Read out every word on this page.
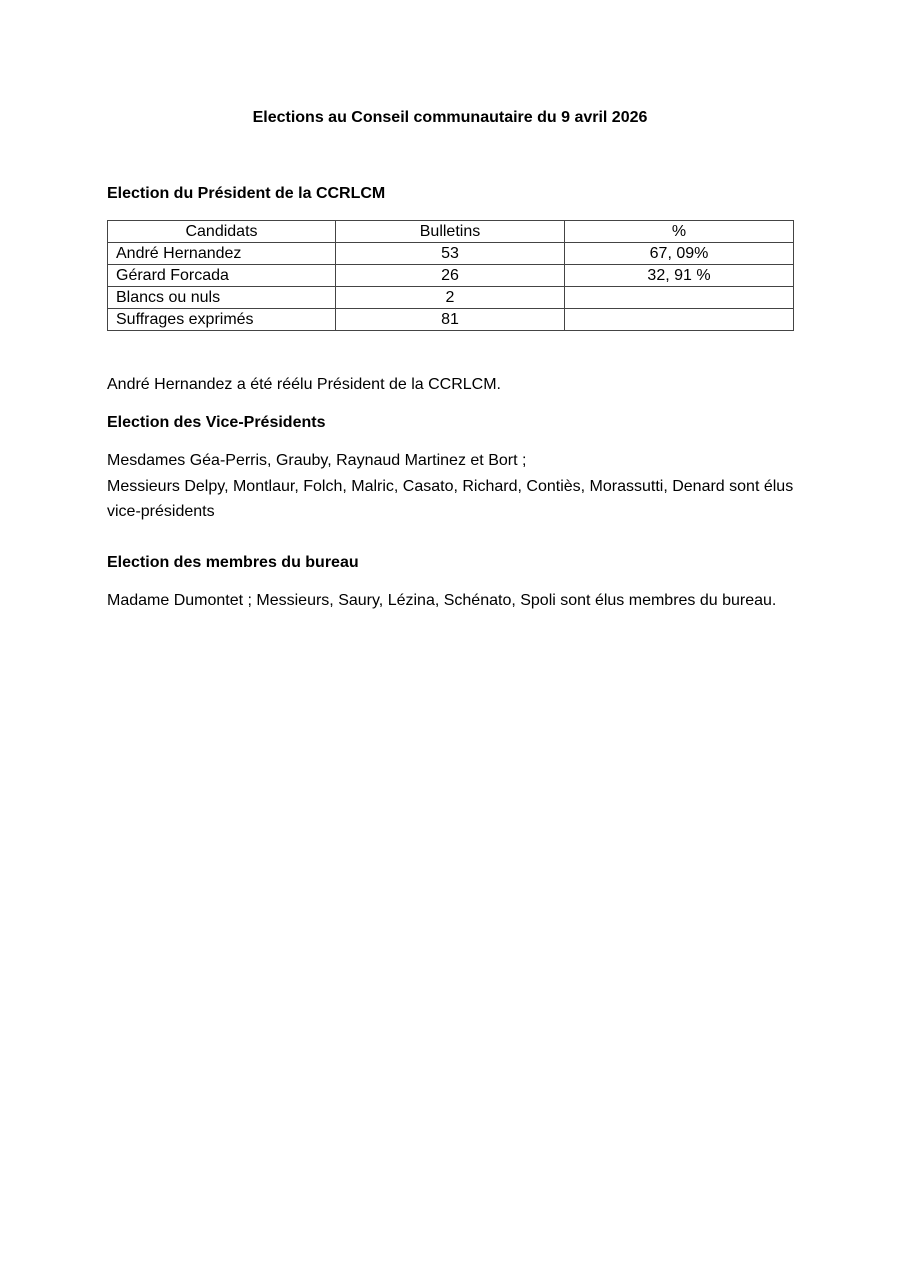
Elections au Conseil communautaire du 9 avril 2026
Election du Président de la CCRLCM
Candidats	Bulletins	%
André Hernandez	53	67, 09%
Gérard Forcada	26	32, 91 %
Blancs ou nuls	2	
Suffrages exprimés	81	
André Hernandez a été réélu Président de la CCRLCM.
Election des Vice-Présidents
Mesdames Géa-Perris, Grauby, Raynaud Martinez et Bort ;
Messieurs Delpy, Montlaur, Folch, Malric, Casato, Richard, Contiès, Morassutti, Denard sont élus vice-présidents
Election des membres du bureau
Madame Dumontet ; Messieurs, Saury, Lézina, Schénato, Spoli sont élus membres du bureau.
